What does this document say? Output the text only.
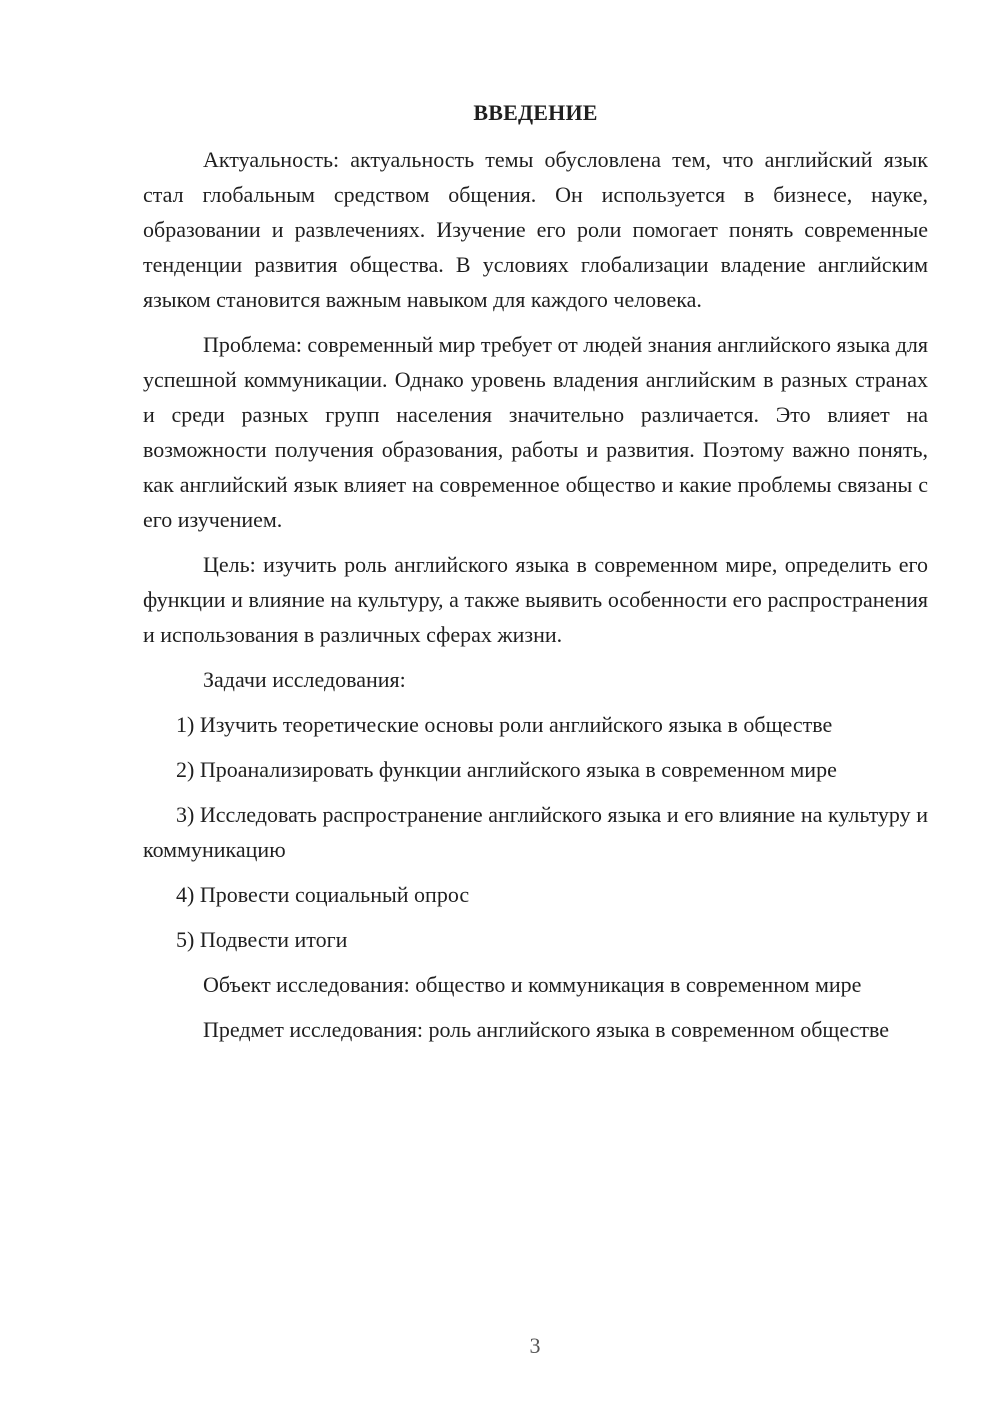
ВВЕДЕНИЕ

Актуальность: актуальность темы обусловлена тем, что английский язык стал глобальным средством общения. Он используется в бизнесе, науке, образовании и развлечениях. Изучение его роли помогает понять современные тенденции развития общества. В условиях глобализации владение английским языком становится важным навыком для каждого человека.

Проблема: современный мир требует от людей знания английского языка для успешной коммуникации. Однако уровень владения английским в разных странах и среди разных групп населения значительно различается. Это влияет на возможности получения образования, работы и развития. Поэтому важно понять, как английский язык влияет на современное общество и какие проблемы связаны с его изучением.

Цель: изучить роль английского языка в современном мире, определить его функции и влияние на культуру, а также выявить особенности его распространения и использования в различных сферах жизни.

Задачи исследования:

1) Изучить теоретические основы роли английского языка в обществе

2) Проанализировать функции английского языка в современном мире

3) Исследовать распространение английского языка и его влияние на культуру и коммуникацию

4) Провести социальный опрос

5) Подвести итоги

Объект исследования: общество и коммуникация в современном мире

Предмет исследования: роль английского языка в современном обществе

3
